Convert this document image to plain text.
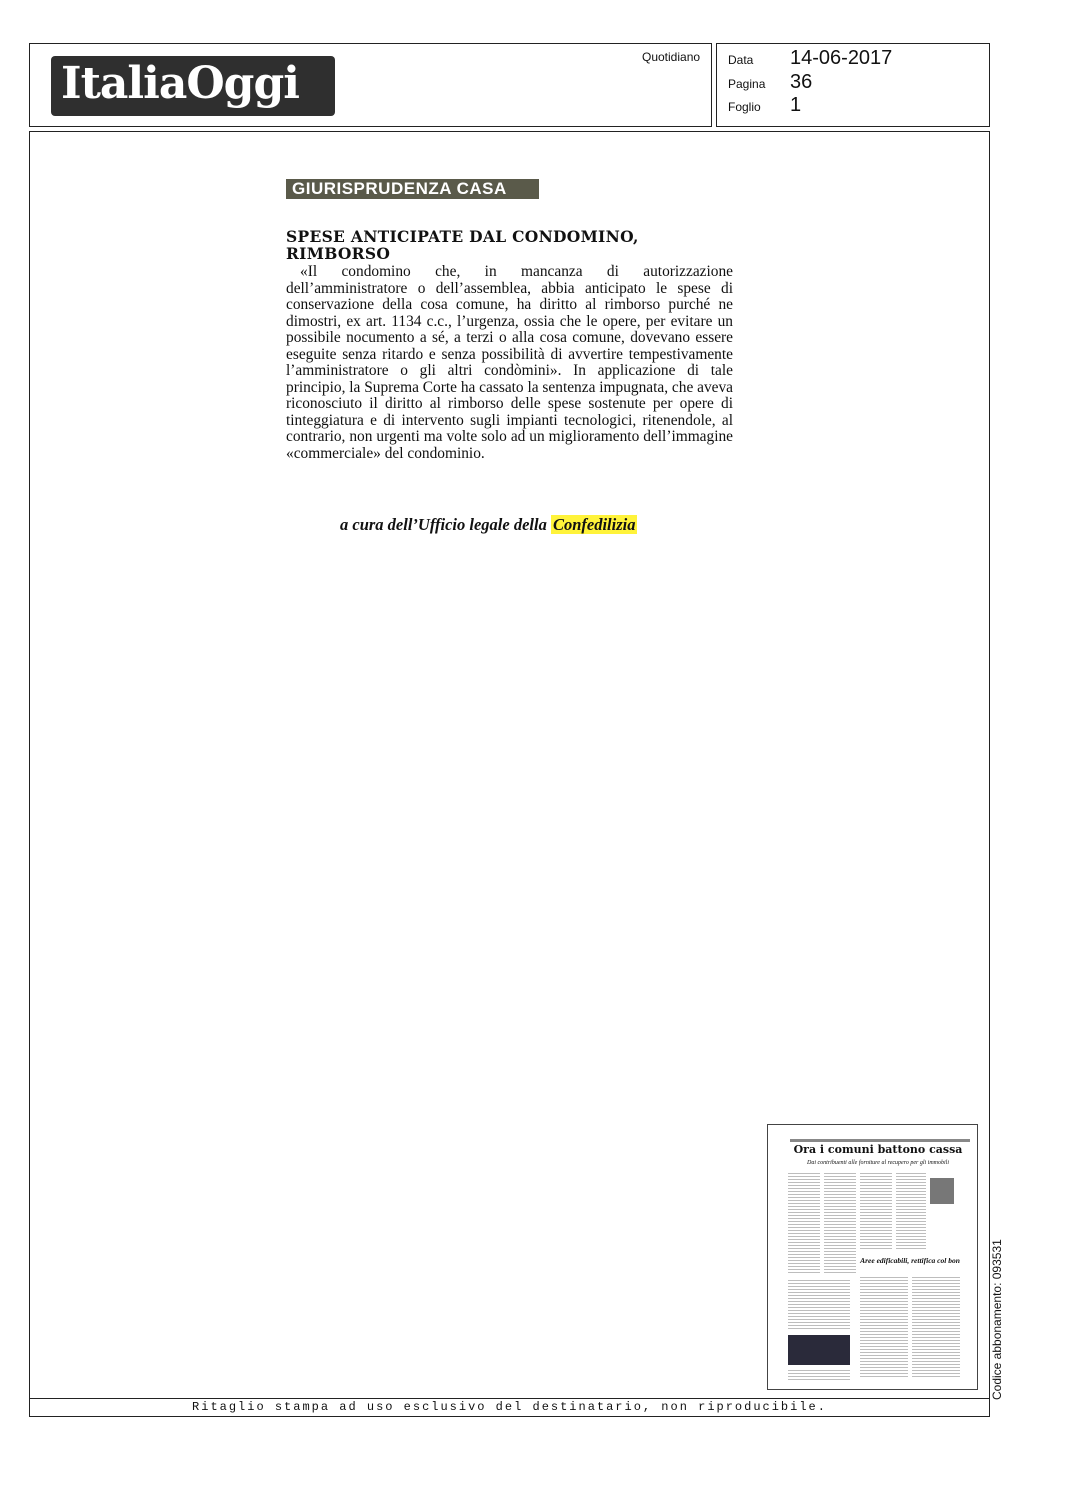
ItaliaOggi
Quotidiano Data 14-06-2017
Pagina 36
Foglio 1
GIURISPRUDENZA CASA
SPESE ANTICIPATE DAL CONDOMINO, RIMBORSO

«Il condomino che, in mancanza di autorizzazione dell’amministratore o dell’assemblea, abbia anticipato le spese di conservazione della cosa comune, ha diritto al rimborso purché ne dimostri, ex art. 1134 c.c., l’urgenza, ossia che le opere, per evitare un possibile nocumento a sé, a terzi o alla cosa comune, dovevano essere eseguite senza ritardo e senza possibilità di avvertire tempestivamente l’amministratore o gli altri condòmini». In applicazione di tale principio, la Suprema Corte ha cassato la sentenza impugnata, che aveva riconosciuto il diritto al rimborso delle spese sostenute per opere di tinteggiatura e di intervento sugli impianti tecnologici, ritenendole, al contrario, non urgenti ma volte solo ad un miglioramento dell’immagine «commerciale» del condominio.

a cura dell’Ufficio legale della Confedilizia
Ora i comuni battono cassa
Dai contribuenti alle forniture al recupero per gli immobili
Aree edificabili, rettifica col bon
Ritaglio stampa ad uso esclusivo del destinatario, non riproducibile.
Codice abbonamento: 093531
